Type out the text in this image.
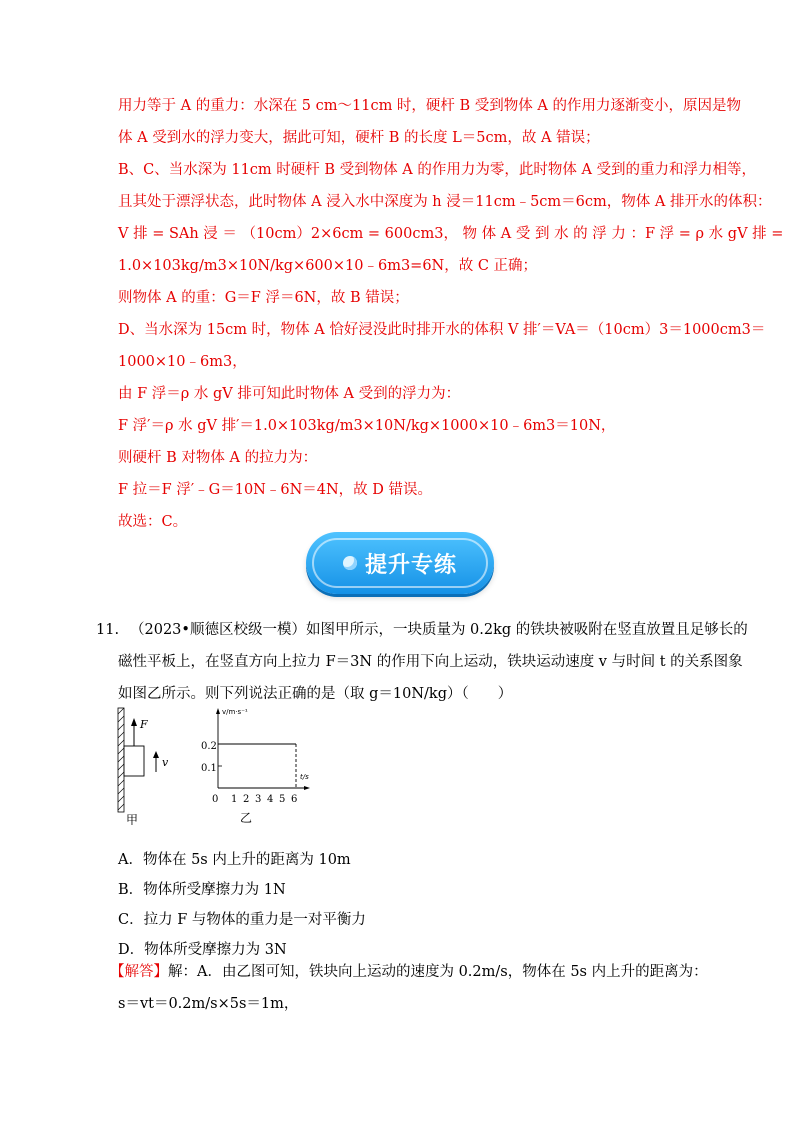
用力等于 A 的重力：水深在 5 cm～11cm 时，硬杆 B 受到物体 A 的作用力逐渐变小，原因是物
体 A 受到水的浮力变大，据此可知，硬杆 B 的长度 L＝5cm，故 A 错误；
B、C、当水深为 11cm 时硬杆 B 受到物体 A 的作用力为零，此时物体 A 受到的重力和浮力相等，
且其处于漂浮状态，此时物体 A 浸入水中深度为 h 浸＝11cm﹣5cm＝6cm，物体 A 排开水的体积：
V 排 = SAh 浸 ＝ （10cm）2×6cm = 600cm3， 物 体 A 受 到 水 的 浮 力 ：F 浮 = ρ 水 gV 排 =
1.0×103kg/m3×10N/kg×600×10﹣6m3=6N，故 C 正确；
则物体 A 的重：G＝F 浮＝6N，故 B 错误；
D、当水深为 15cm 时，物体 A 恰好浸没此时排开水的体积 V 排′＝VA＝（10cm）3＝1000cm3＝
1000×10﹣6m3，
由 F 浮＝ρ 水 gV 排可知此时物体 A 受到的浮力为：
F 浮′＝ρ 水 gV 排′＝1.0×103kg/m3×10N/kg×1000×10﹣6m3＝10N，
则硬杆 B 对物体 A 的拉力为：
F 拉＝F 浮′﹣G＝10N﹣6N＝4N，故 D 错误。
故选：C。
提升专练
11. （2023•顺德区校级一模）如图甲所示，一块质量为 0.2kg 的铁块被吸附在竖直放置且足够长的
磁性平板上，在竖直方向上拉力 F＝3N 的作用下向上运动，铁块运动速度 v 与时间 t 的关系图象
如图乙所示。则下列说法正确的是（取 g＝10N/kg）（　　）
F
v
甲
v/m·s⁻¹
t/s
0.2
0.1
0 1 2 3 4 5 6
乙
A．物体在 5s 内上升的距离为 10m
B．物体所受摩擦力为 1N
C．拉力 F 与物体的重力是一对平衡力
D．物体所受摩擦力为 3N
【解答】解：A．由乙图可知，铁块向上运动的速度为 0.2m/s，物体在 5s 内上升的距离为：
s＝vt＝0.2m/s×5s＝1m，
